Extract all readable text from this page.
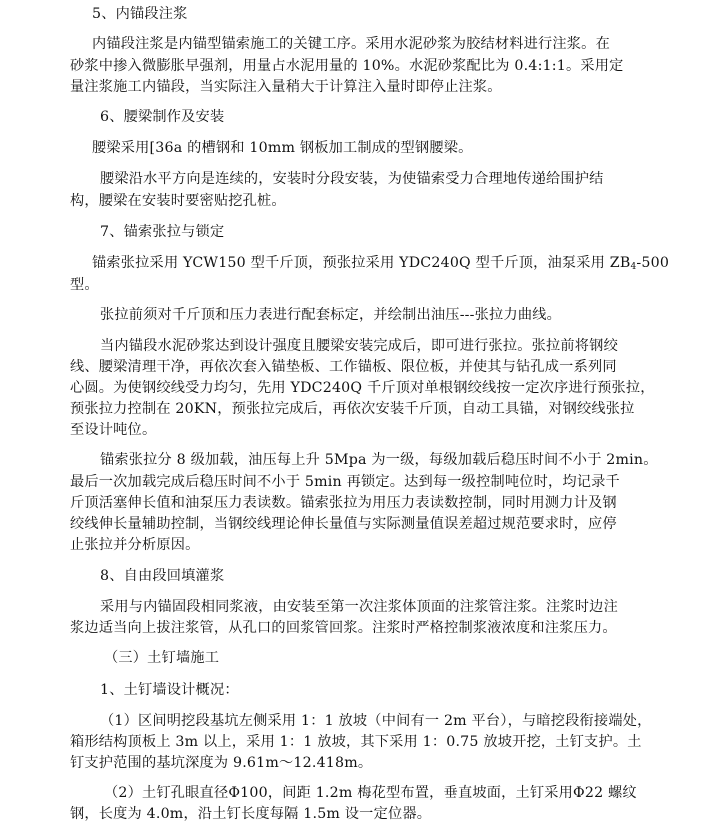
5、内锚段注浆
内锚段注浆是内锚型锚索施工的关键工序。采用水泥砂浆为胶结材料进行注浆。在
砂浆中掺入微膨胀早强剂，用量占水泥用量的 10%。水泥砂浆配比为 0.4:1:1。采用定
量注浆施工内锚段，当实际注入量稍大于计算注入量时即停止注浆。
6、腰梁制作及安装
腰梁采用[36a 的槽钢和 10mm 钢板加工制成的型钢腰梁。
腰梁沿水平方向是连续的，安装时分段安装，为使锚索受力合理地传递给围护结
构，腰梁在安装时要密贴挖孔桩。
7、锚索张拉与锁定
锚索张拉采用 YCW150 型千斤顶，预张拉采用 YDC240Q 型千斤顶，油泵采用 $ZB_4-500$
型。
张拉前须对千斤顶和压力表进行配套标定，并绘制出油压---张拉力曲线。
当内锚段水泥砂浆达到设计强度且腰梁安装完成后，即可进行张拉。张拉前将钢绞
线、腰梁清理干净，再依次套入锚垫板、工作锚板、限位板，并使其与钻孔成一系列同
心圆。为使钢绞线受力均匀，先用 YDC240Q 千斤顶对单根钢绞线按一定次序进行预张拉，
预张拉力控制在 20KN，预张拉完成后，再依次安装千斤顶，自动工具锚，对钢绞线张拉
至设计吨位。
锚索张拉分 8 级加载，油压每上升 5Mpa 为一级，每级加载后稳压时间不小于 2min。
最后一次加载完成后稳压时间不小于 5min 再锁定。达到每一级控制吨位时，均记录千
斤顶活塞伸长值和油泵压力表读数。锚索张拉为用压力表读数控制，同时用测力计及钢
绞线伸长量辅助控制，当钢绞线理论伸长量值与实际测量值误差超过规范要求时，应停
止张拉并分析原因。
8、自由段回填灌浆
采用与内锚固段相同浆液，由安装至第一次注浆体顶面的注浆管注浆。注浆时边注
浆边适当向上拔注浆管，从孔口的回浆管回浆。注浆时严格控制浆液浓度和注浆压力。
（三）土钉墙施工
1、土钉墙设计概况：
（1）区间明挖段基坑左侧采用 1：1 放坡（中间有一 2m 平台），与暗挖段衔接端处，
箱形结构顶板上 3m 以上，采用 1：1 放坡，其下采用 1：0.75 放坡开挖，土钉支护。土
钉支护范围的基坑深度为 9.61m～12.418m。
（2）土钉孔眼直径Φ100，间距 1.2m 梅花型布置，垂直坡面，土钉采用Φ22 螺纹
钢，长度为 4.0m，沿土钉长度每隔 1.5m 设一定位器。
